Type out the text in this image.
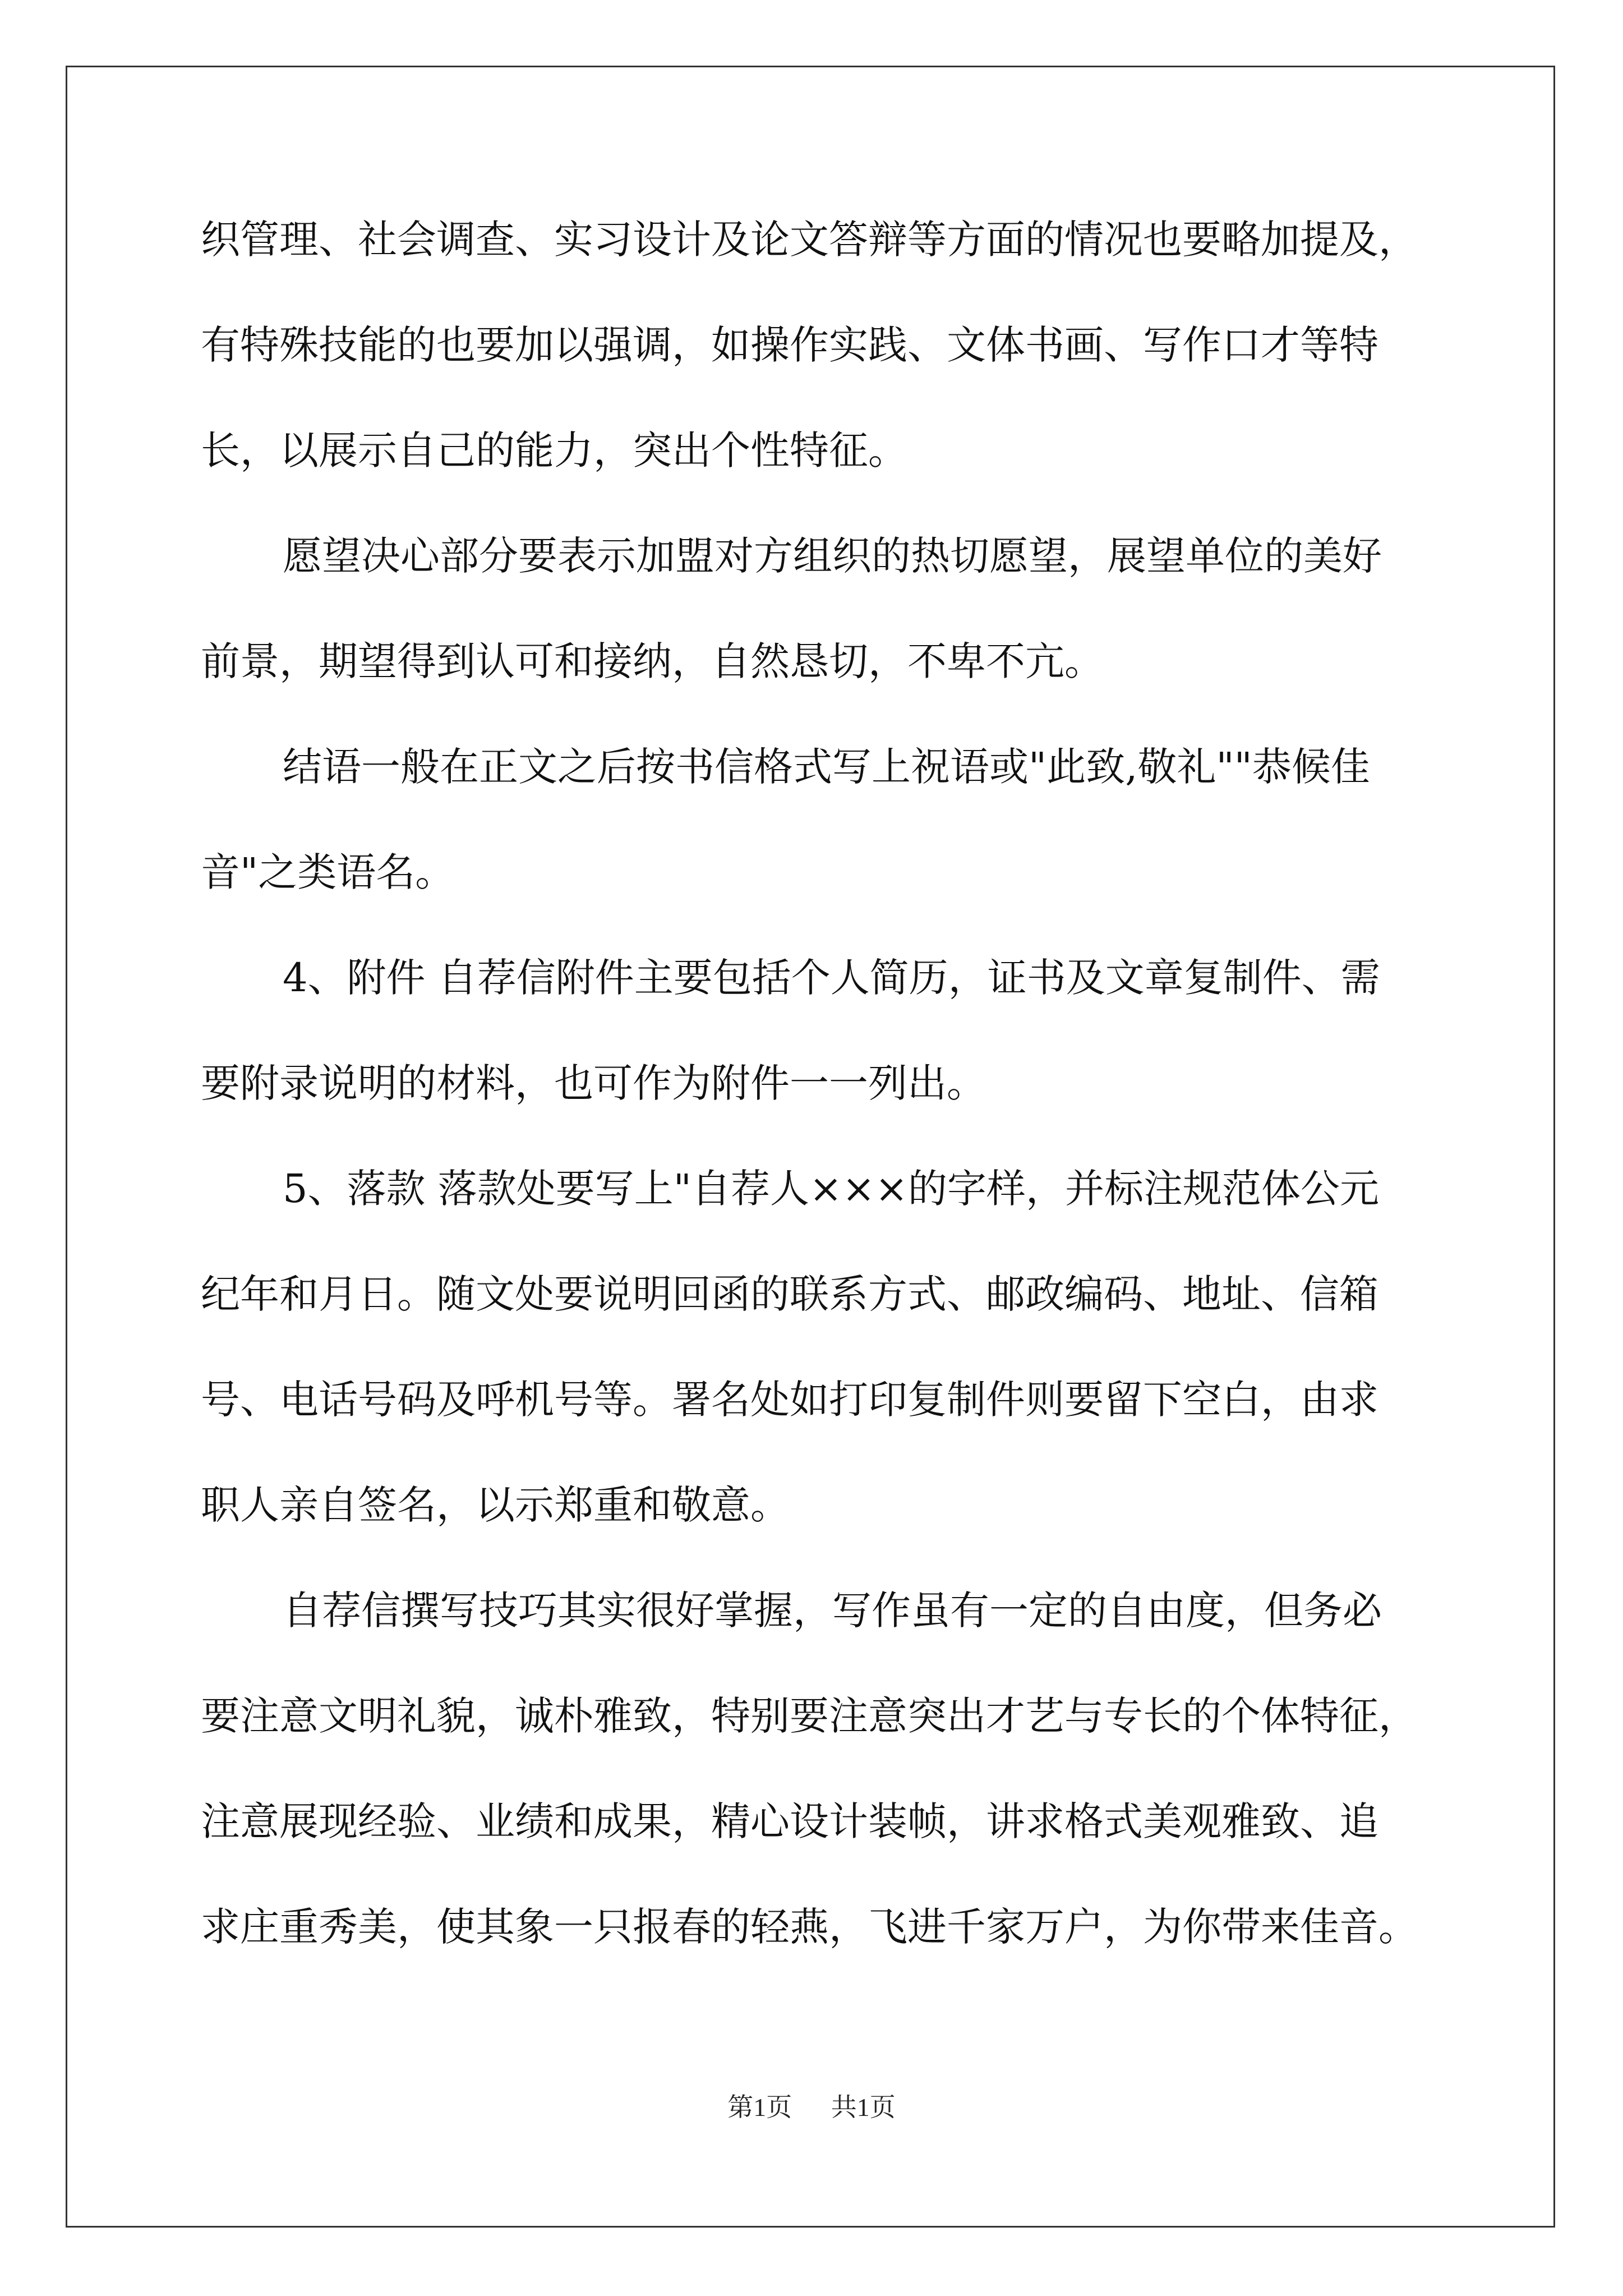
织管理、社会调查、实习设计及论文答辩等方面的情况也要略加提及，
有特殊技能的也要加以强调，如操作实践、文体书画、写作口才等特
长，以展示自己的能力，突出个性特征。
愿望决心部分要表示加盟对方组织的热切愿望，展望单位的美好
前景，期望得到认可和接纳，自然恳切，不卑不亢。
结语一般在正文之后按书信格式写上祝语或"此致,敬礼""恭候佳
音"之类语名。
4、附件 自荐信附件主要包括个人简历，证书及文章复制件、需
要附录说明的材料，也可作为附件一一列出。
5、落款 落款处要写上"自荐人×××的字样，并标注规范体公元
纪年和月日。随文处要说明回函的联系方式、邮政编码、地址、信箱
号、电话号码及呼机号等。署名处如打印复制件则要留下空白，由求
职人亲自签名，以示郑重和敬意。
自荐信撰写技巧其实很好掌握，写作虽有一定的自由度，但务必
要注意文明礼貌，诚朴雅致，特别要注意突出才艺与专长的个体特征，
注意展现经验、业绩和成果，精心设计装帧，讲求格式美观雅致、追
求庄重秀美，使其象一只报春的轻燕，飞进千家万户，为你带来佳音。
第1页 共1页
